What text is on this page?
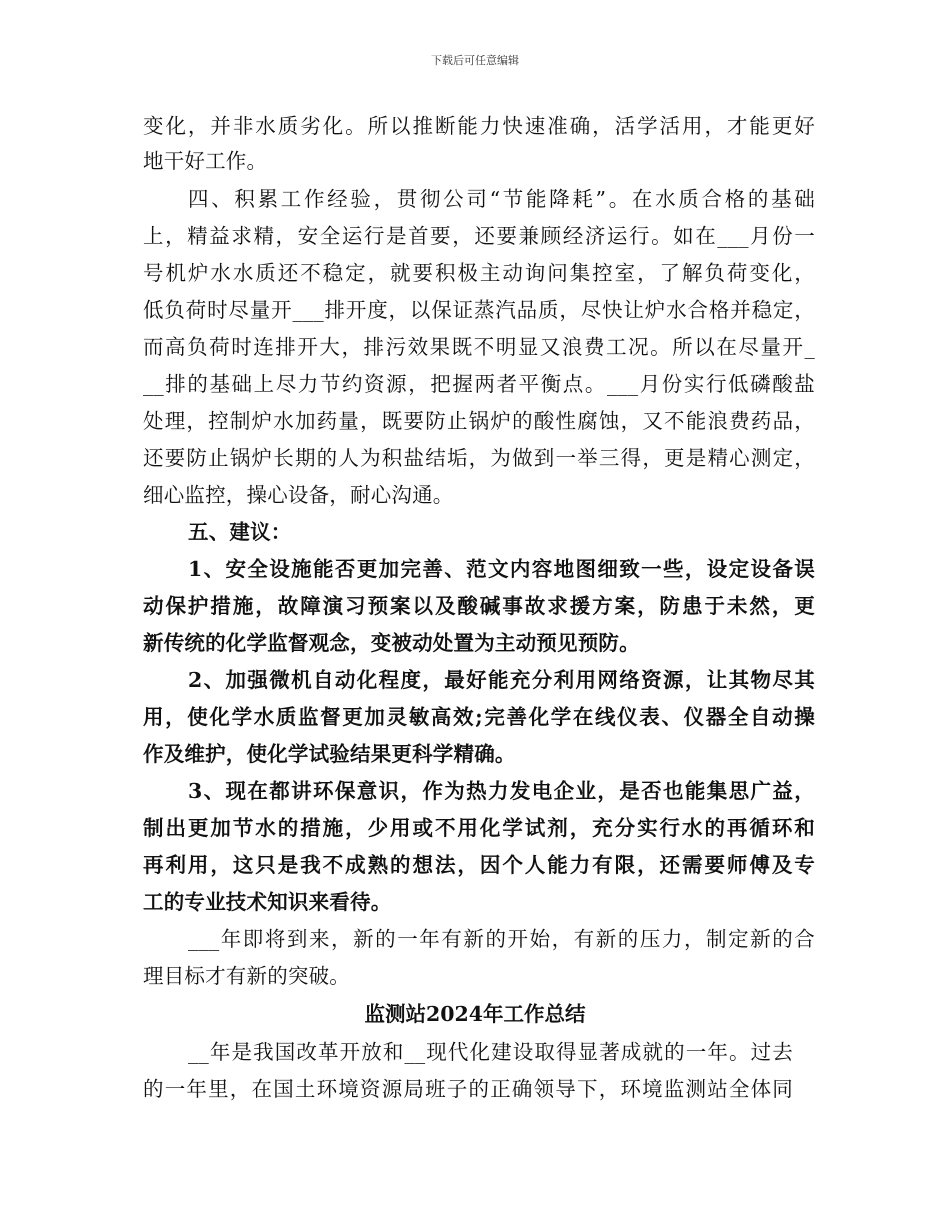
下载后可任意编辑
变化，并非水质劣化。所以推断能力快速准确，活学活用，才能更好
地干好工作。
四、积累工作经验，贯彻公司“节能降耗”。在水质合格的基础
上，精益求精，安全运行是首要，还要兼顾经济运行。如在___月份一
号机炉水水质还不稳定，就要积极主动询问集控室，了解负荷变化，
低负荷时尽量开___排开度，以保证蒸汽品质，尽快让炉水合格并稳定，
而高负荷时连排开大，排污效果既不明显又浪费工况。所以在尽量开_
__排的基础上尽力节约资源，把握两者平衡点。___月份实行低磷酸盐
处理，控制炉水加药量，既要防止锅炉的酸性腐蚀，又不能浪费药品，
还要防止锅炉长期的人为积盐结垢，为做到一举三得，更是精心测定，
细心监控，操心设备，耐心沟通。
五、建议：
1、安全设施能否更加完善、范文内容地图细致一些，设定设备误
动保护措施，故障演习预案以及酸碱事故求援方案，防患于未然，更
新传统的化学监督观念，变被动处置为主动预见预防。
2、加强微机自动化程度，最好能充分利用网络资源，让其物尽其
用，使化学水质监督更加灵敏高效;完善化学在线仪表、仪器全自动操
作及维护，使化学试验结果更科学精确。
3、现在都讲环保意识，作为热力发电企业，是否也能集思广益，
制出更加节水的措施，少用或不用化学试剂，充分实行水的再循环和
再利用，这只是我不成熟的想法，因个人能力有限，还需要师傅及专
工的专业技术知识来看待。
___年即将到来，新的一年有新的开始，有新的压力，制定新的合
理目标才有新的突破。
监测站2024年工作总结
__年是我国改革开放和__现代化建设取得显著成就的一年。过去
的一年里，在国土环境资源局班子的正确领导下，环境监测站全体同
